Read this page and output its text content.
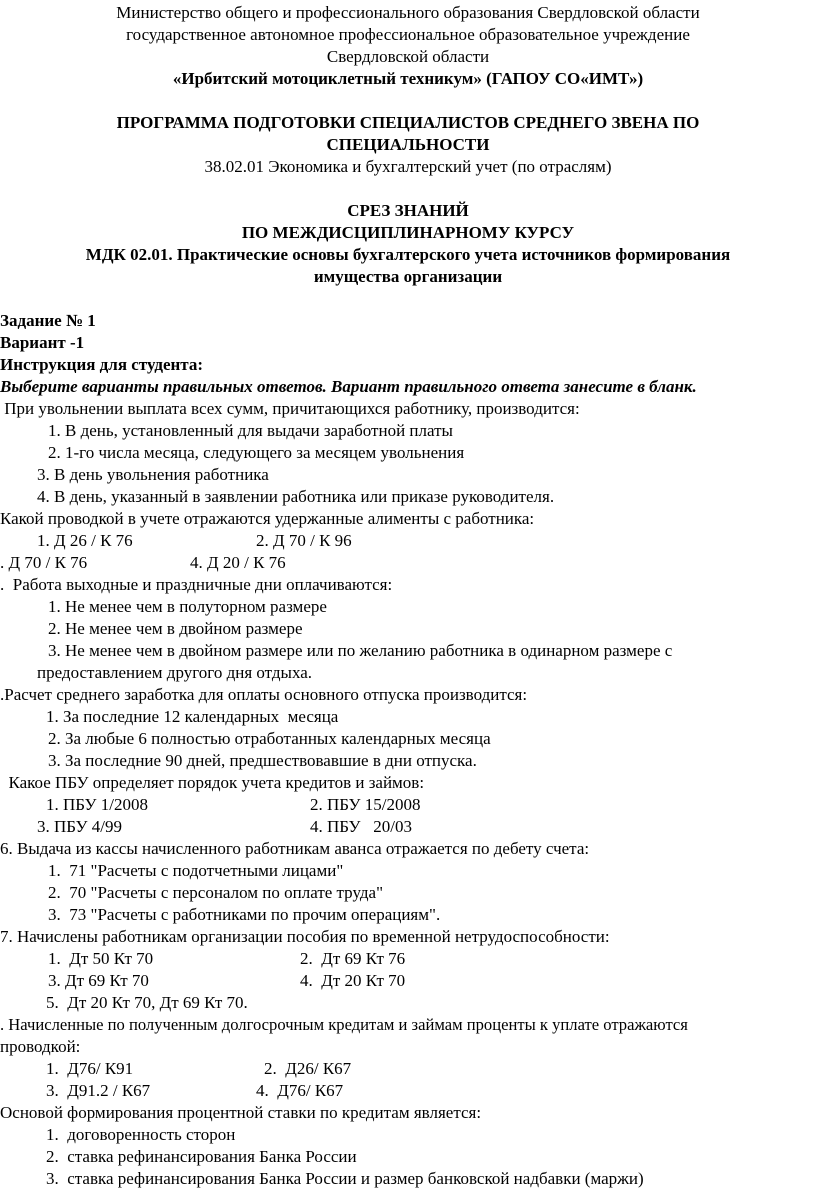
Министерство общего и профессионального образования Свердловской области
государственное автономное профессиональное образовательное учреждение
Свердловской области
«Ирбитский мотоциклетный техникум» (ГАПОУ СО«ИМТ»)
ПРОГРАММА ПОДГОТОВКИ СПЕЦИАЛИСТОВ СРЕДНЕГО ЗВЕНА ПО
СПЕЦИАЛЬНОСТИ
38.02.01 Экономика и бухгалтерский учет (по отраслям)
СРЕЗ ЗНАНИЙ
ПО МЕЖДИСЦИПЛИНАРНОМУ КУРСУ
МДК 02.01. Практические основы бухгалтерского учета источников формирования
имущества организации
Задание № 1
Вариант -1
Инструкция для студента:
Выберите варианты правильных ответов. Вариант правильного ответа занесите в бланк.
При увольнении выплата всех сумм, причитающихся работнику, производится:
1. В день, установленный для выдачи заработной платы
2. 1-го числа месяца, следующего за месяцем увольнения
3. В день увольнения работника
4. В день, указанный в заявлении работника или приказе руководителя.
Какой проводкой в учете отражаются удержанные алименты с работника:
1. Д 26 / К 76	2. Д 70 / К 96
. Д 70 / К 76	4. Д 20 / К 76
.  Работа выходные и праздничные дни оплачиваются:
1. Не менее чем в полуторном размере
2. Не менее чем в двойном размере
3. Не менее чем в двойном размере или по желанию работника в одинарном размере с
предоставлением другого дня отдыха.
.Расчет среднего заработка для оплаты основного отпуска производится:
1. За последние 12 календарных  месяца
2. За любые 6 полностью отработанных календарных месяца
3. За последние 90 дней, предшествовавшие в дни отпуска.
Какое ПБУ определяет порядок учета кредитов и займов:
1. ПБУ 1/2008	2. ПБУ 15/2008
3. ПБУ 4/99	4. ПБУ   20/03
6. Выдача из кассы начисленного работникам аванса отражается по дебету счета:
1.  71 "Расчеты с подотчетными лицами"
2.  70 "Расчеты с персоналом по оплате труда"
3.  73 "Расчеты с работниками по прочим операциям".
7. Начислены работникам организации пособия по временной нетрудоспособности:
1.  Дт 50 Кт 70	2.  Дт 69 Кт 76
3. Дт 69 Кт 70	4.  Дт 20 Кт 70
5.  Дт 20 Кт 70, Дт 69 Кт 70.
. Начисленные по полученным долгосрочным кредитам и займам проценты к уплате отражаются
проводкой:
1.  Д76/ К91	2.  Д26/ К67
3.  Д91.2 / К67	4.  Д76/ К67
Основой формирования процентной ставки по кредитам является:
1.  договоренность сторон
2.  ставка рефинансирования Банка России
3.  ставка рефинансирования Банка России и размер банковской надбавки (маржи)
